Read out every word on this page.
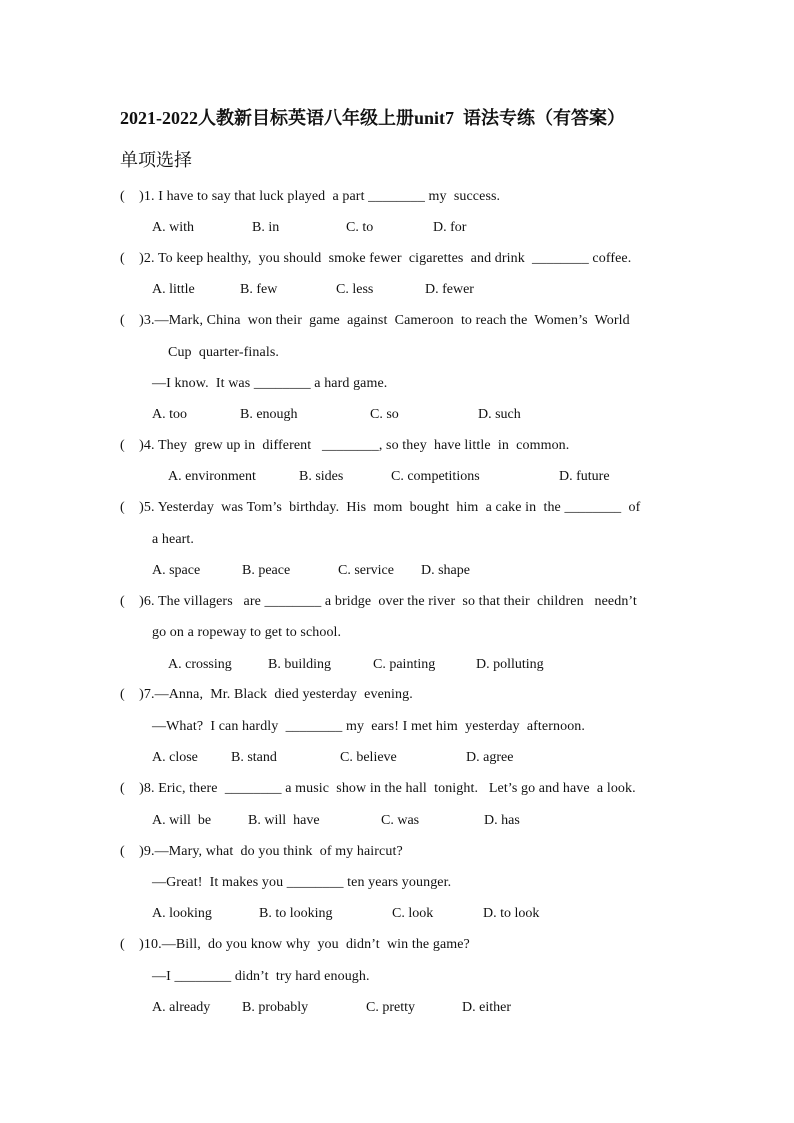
2021-2022人教新目标英语八年级上册unit7  语法专练（有答案）
单项选择
(    )1. I have to say that luck played  a part ________ my  success.
A. with	B. in	C. to	D. for
(    )2. To keep healthy,  you should  smoke fewer  cigarettes  and drink  ________ coffee.
A. little	B. few	C. less	D. fewer
(    )3.—Mark, China  won their  game  against  Cameroon  to reach the  Women’s  World
Cup  quarter-finals.
—I know.  It was ________ a hard game.
A. too	B. enough	C. so	D. such
(    )4. They  grew up in  different   ________, so they  have little  in  common.
A. environment	B. sides	C. competitions	D. future
(    )5. Yesterday  was Tom’s  birthday.  His  mom  bought  him  a cake in  the ________  of
a heart.
A. space	B. peace	C. service D. shape
(    )6. The villagers   are ________ a bridge  over the river  so that their  children   needn’t
go on a ropeway to get to school.
A. crossing	B. building	C. painting	D. polluting
(    )7.—Anna,  Mr. Black  died yesterday  evening.
—What?  I can hardly  ________ my  ears! I met him  yesterday  afternoon.
A. close B. stand	C. believe	D. agree
(    )8. Eric, there  ________ a music  show in the hall  tonight.   Let’s go and have  a look.
A. will  be	B. will  have	C. was	D. has
(    )9.—Mary, what  do you think  of my haircut?
—Great!  It makes you ________ ten years younger.
A. looking	B. to looking	C. look	D. to look
(    )10.—Bill,  do you know why  you  didn’t  win the game?
—I ________ didn’t  try hard enough.
A. already B. probably	C. pretty	D. either
